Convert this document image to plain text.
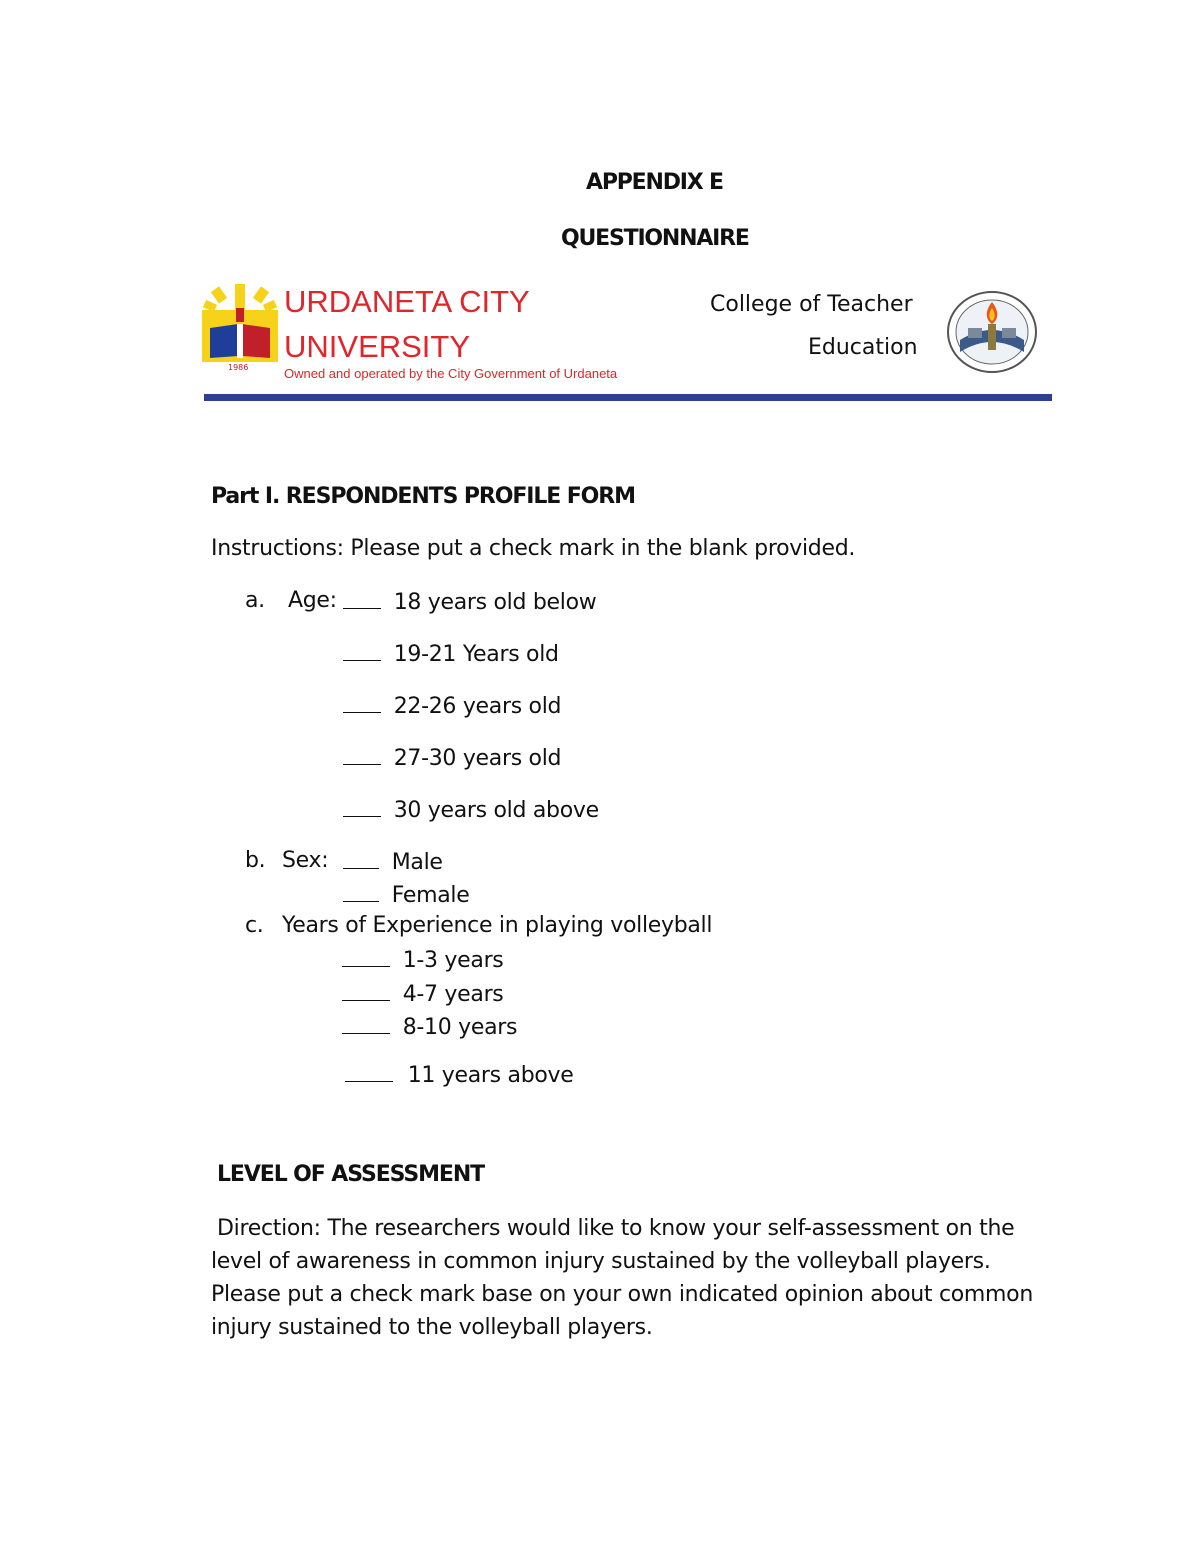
APPENDIX E
QUESTIONNAIRE
1986
URDANETA CITY
UNIVERSITY
Owned and operated by the City Government of Urdaneta
College of Teacher
Education
Part I. RESPONDENTS PROFILE FORM
Instructions: Please put a check mark in the blank provided.
a. Age:	18 years old below
19-21 Years old
22-26 years old
27-30 years old
30 years old above
b. Sex:	Male
Female
c. Years of Experience in playing volleyball
1-3 years
4-7 years
8-10 years
11 years above
LEVEL OF ASSESSMENT
Direction: The researchers would like to know your self-assessment on the level of awareness in common injury sustained by the volleyball players. Please put a check mark base on your own indicated opinion about common injury sustained to the volleyball players.
